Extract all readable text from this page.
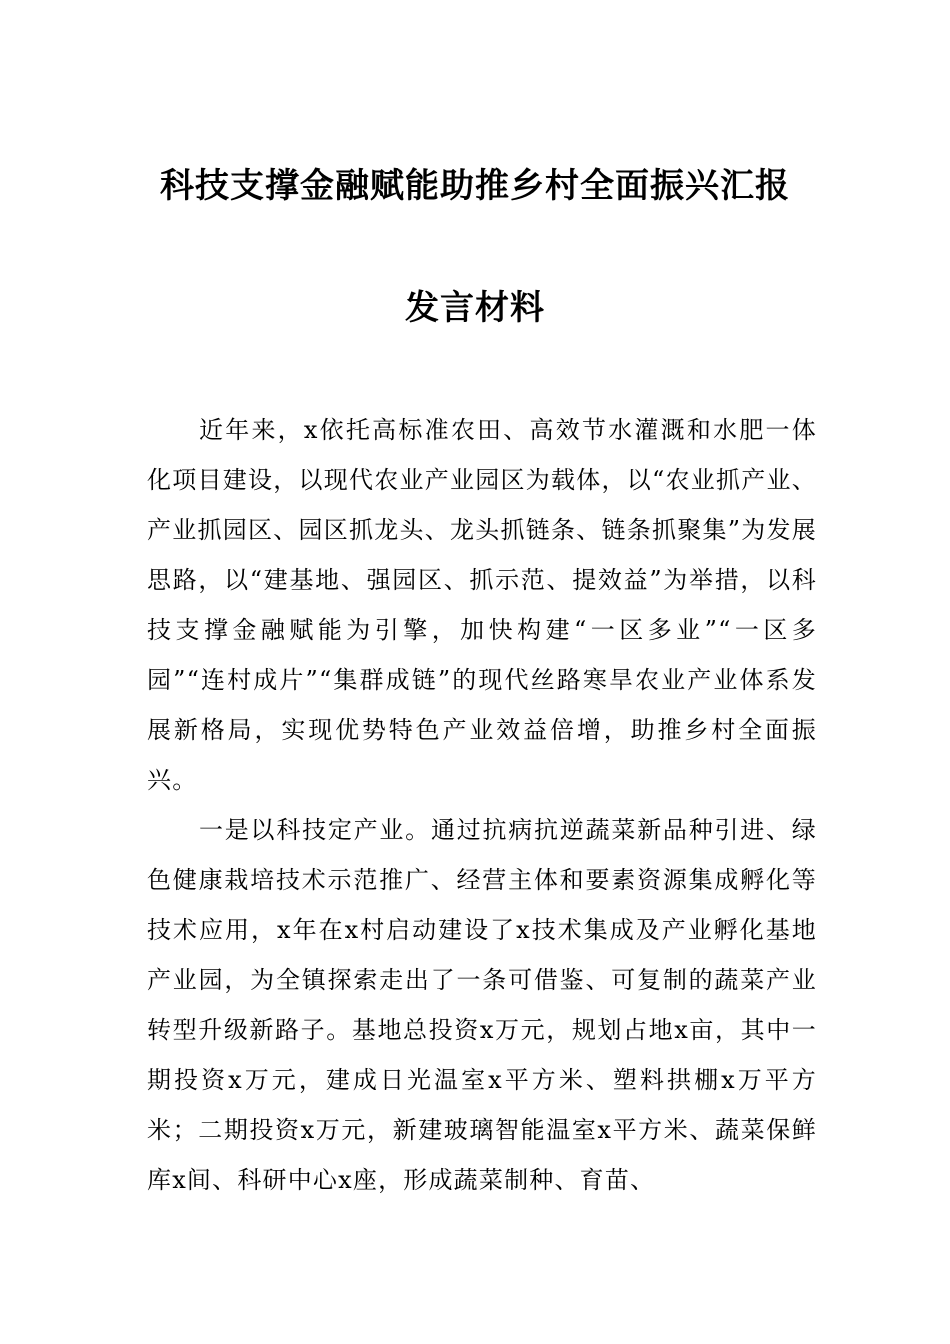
科技支撑金融赋能助推乡村全面振兴汇报
发言材料

近年来，x依托高标准农田、高效节水灌溉和水肥一体化项目建设，以现代农业产业园区为载体，以“农业抓产业、产业抓园区、园区抓龙头、龙头抓链条、链条抓聚集”为发展思路，以“建基地、强园区、抓示范、提效益”为举措，以科技支撑金融赋能为引擎，加快构建“一区多业”“一区多园”“连村成片”“集群成链”的现代丝路寒旱农业产业体系发展新格局，实现优势特色产业效益倍增，助推乡村全面振兴。

一是以科技定产业。通过抗病抗逆蔬菜新品种引进、绿色健康栽培技术示范推广、经营主体和要素资源集成孵化等技术应用，x年在x村启动建设了x技术集成及产业孵化基地产业园，为全镇探索走出了一条可借鉴、可复制的蔬菜产业转型升级新路子。基地总投资x万元，规划占地x亩，其中一期投资x万元，建成日光温室x平方米、塑料拱棚x万平方米；二期投资x万元，新建玻璃智能温室x平方米、蔬菜保鲜库x间、科研中心x座，形成蔬菜制种、育苗、
